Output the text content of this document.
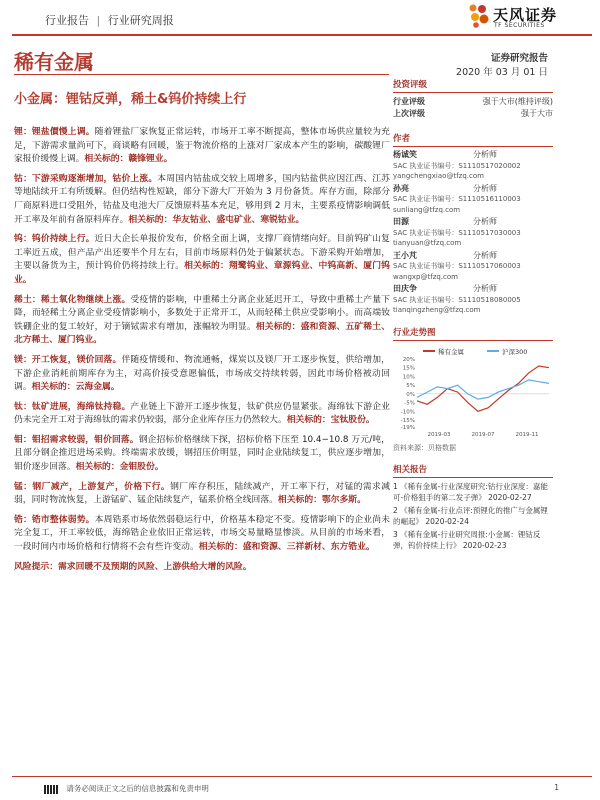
行业报告 | 行业研究周报	天风证券
TF SECURITIES
稀有金属	证券研究报告
2020 年 03 月 01 日
小金属：锂钴反弹，稀土&钨价持续上行

锂：锂盐價慢上调。随着锂盐厂家恢复正常运转，市场开工率不断提高，整体市场供应量较为充足，下游需求量尚可下，商谈略有回暖，鉴于物流价格的上涨对厂家成本产生的影响，碳酸锂厂家报价缓慢上调。相关标的：赣锋锂业。

钴：下游采购逐渐增加，钴价上涨。本周国内钴盐成交较上周增多，国内钴盐供应因江西、江苏等地陆续开工有所缓解。但仍结构性短缺，部分下游大厂开始为 3 月份备货。库存方面，除部分厂商原料进口受阻外，钴盐及电池大厂反馈原料基本充足，够用到 2 月末，主要系疫情影响调低开工率及年前有备原料库存。相关标的：华友钴业、盛屯矿业、寒锐钴业。

钨：钨价持续上行。近日大企长单报价发布，价格全面上调，支撑厂商情绪向好。目前钨矿山复工率近五成，但产品产出还要半个月左右，目前市场原料仍处于偏紧状态。下游采购开始增加，主要以备货为主，预计钨价仍将持续上行。相关标的：翔鹭钨业、章源钨业、中钨高新、厦门钨业。

稀土：稀土氧化物继续上涨。受疫情的影响，中重稀土分离企业延迟开工，导致中重稀土产量下降，而轻稀土分离企业受疫情影响小，多数处于正常开工，从而轻稀土供应受影响小。而高端钕铁硼企业的复工较好，对于镝铽需求有增加，涨幅较为明显。相关标的：盛和资源、五矿稀土、北方稀土、厦门钨业。

镁：开工恢复，镁价回落。伴随疫情缓和、物流通畅，煤炭以及镁厂开工逐步恢复，供给增加，下游企业消耗前期库存为主，对高价接受意愿偏低，市场成交持续转弱，因此市场价格被动回调。相关标的：云海金属。

钛：钛矿进展，海绵钛持稳。产业链上下游开工逐步恢复，钛矿供应仍显紧张。海绵钛下游企业仍未完全开工对于海绵钛的需求仍较弱，部分企业库存压力仍然较大。相关标的：宝钛股份。

钼：钼招需求较弱，钼价回落。钢企招标价格继续下探，招标价格下压至 10.4−10.8 万元/吨，且部分钢企推迟进场采购。终端需求放缓，钢招压价明显，同时企业陆续复工，供应逐步增加，钼价逐步回落。相关标的：金钼股份。

锰：钢厂减产，上游复产，价格下行。钢厂库存积压，陆续减产，开工率下行，对锰的需求减弱，同时物流恢复，上游锰矿、锰企陆续复产，锰系价格全线回落。相关标的：鄂尔多斯。

锆：锆市整体弱势。本周锆系市场依然弱稳运行中，价格基本稳定不变。疫情影响下的企业尚未完全复工，开工率较低，海绵锆企业依旧正常运转，市场交易量略显惨淡。从目前的市场来看，一段时间内市场价格和行情将不会有些许变动。相关标的：盛和资源、三祥新材、东方锆业。

风险提示：需求回暖不及预期的风险、上游供给大增的风险。

投资评级
行业评级	强于大市(维持评级)
上次评级	强于大市
作者
杨诚笑	分析师
SAC 执业证书编号：S1110517020002
yangchengxiao@tfzq.com
孙亮	分析师
SAC 执业证书编号：S1110516110003
sunliang@tfzq.com
田源	分析师
SAC 执业证书编号：S1110517030003
tianyuan@tfzq.com
王小芃	分析师
SAC 执业证书编号：S1110517060003
wangxp@tfzq.com
田庆争	分析师
SAC 执业证书编号：S1110518080005
tianqingzheng@tfzq.com
行业走势图
稀有金属	沪深300
20%
15%
10%
5%
0%
-5%
-10%
-15%
-19%
2019-03	2019-07	2019-11
资料来源：贝格数据
相关报告
1 《稀有金属-行业深度研究:钴行业深度：嘉能可-价格狙手的第二发子弹》 2020-02-27
2 《稀有金属-行业点评:预锂化的推广与金属锂的崛起》 2020-02-24
3 《稀有金属-行业研究周报:小金属：锂钴反弹，钨价持续上行》 2020-02-23
请务必阅读正文之后的信息披露和免责申明	1
